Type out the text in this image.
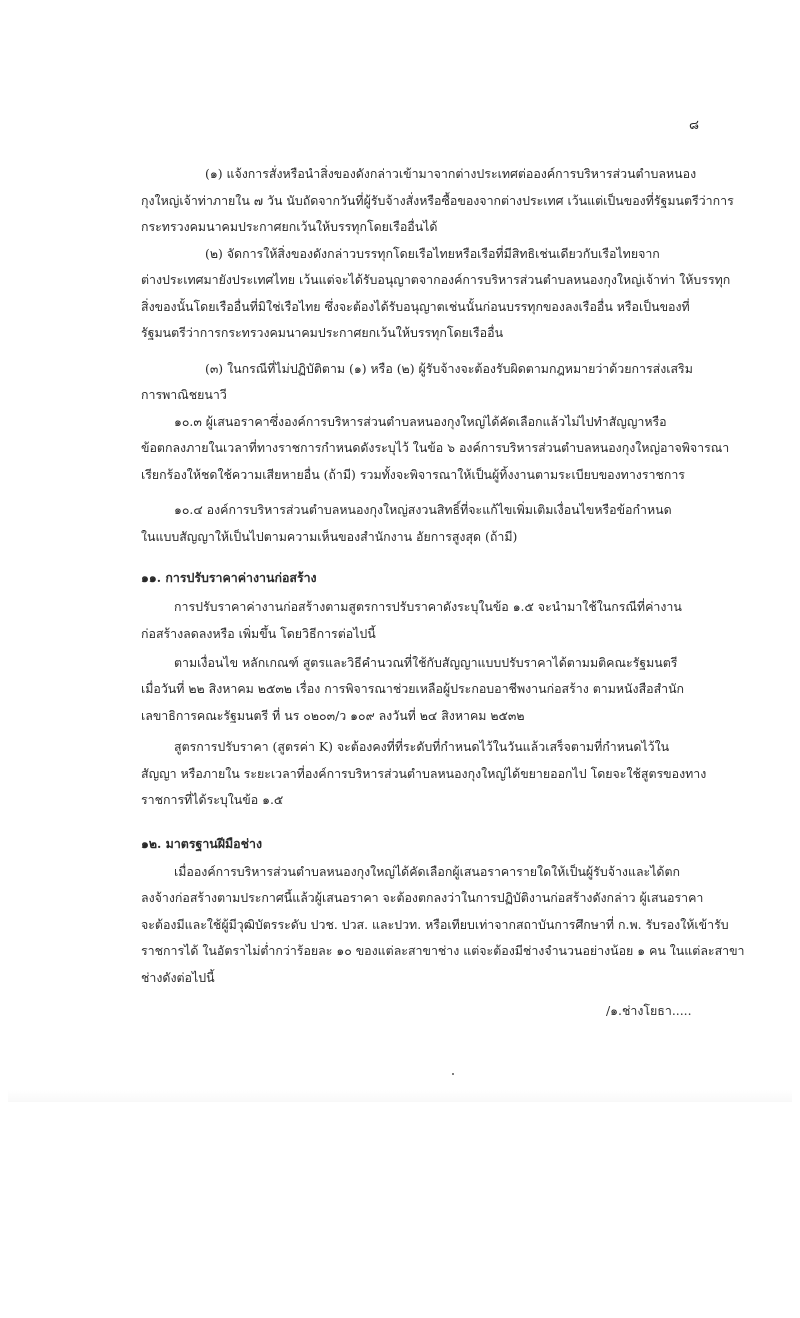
๘
(๑) แจ้งการสั่งหรือนำสิ่งของดังกล่าวเข้ามาจากต่างประเทศต่อองค์การบริหารส่วนตำบลหนอง
กุงใหญ่เจ้าท่าภายใน ๗ วัน นับถัดจากวันที่ผู้รับจ้างสั่งหรือซื้อของจากต่างประเทศ เว้นแต่เป็นของที่รัฐมนตรีว่าการ
กระทรวงคมนาคมประกาศยกเว้นให้บรรทุกโดยเรืออื่นได้
(๒) จัดการให้สิ่งของดังกล่าวบรรทุกโดยเรือไทยหรือเรือที่มีสิทธิเช่นเดียวกับเรือไทยจาก
ต่างประเทศมายังประเทศไทย เว้นแต่จะได้รับอนุญาตจากองค์การบริหารส่วนตำบลหนองกุงใหญ่เจ้าท่า ให้บรรทุก
สิ่งของนั้นโดยเรืออื่นที่มิใช่เรือไทย ซึ่งจะต้องได้รับอนุญาตเช่นนั้นก่อนบรรทุกของลงเรืออื่น หรือเป็นของที่
รัฐมนตรีว่าการกระทรวงคมนาคมประกาศยกเว้นให้บรรทุกโดยเรืออื่น
(๓) ในกรณีที่ไม่ปฏิบัติตาม (๑) หรือ (๒) ผู้รับจ้างจะต้องรับผิดตามกฎหมายว่าด้วยการส่งเสริม
การพาณิชยนาวี
๑๐.๓ ผู้เสนอราคาซึ่งองค์การบริหารส่วนตำบลหนองกุงใหญ่ได้คัดเลือกแล้วไม่ไปทำสัญญาหรือ
ข้อตกลงภายในเวลาที่ทางราชการกำหนดดังระบุไว้ ในข้อ ๖ องค์การบริหารส่วนตำบลหนองกุงใหญ่อาจพิจารณา
เรียกร้องให้ชดใช้ความเสียหายอื่น (ถ้ามี) รวมทั้งจะพิจารณาให้เป็นผู้ทิ้งงานตามระเบียบของทางราชการ
๑๐.๔ องค์การบริหารส่วนตำบลหนองกุงใหญ่สงวนสิทธิ์ที่จะแก้ไขเพิ่มเติมเงื่อนไขหรือข้อกำหนด
ในแบบสัญญาให้เป็นไปตามความเห็นของสำนักงาน อัยการสูงสุด (ถ้ามี)
๑๑. การปรับราคาค่างานก่อสร้าง
การปรับราคาค่างานก่อสร้างตามสูตรการปรับราคาดังระบุในข้อ ๑.๕ จะนำมาใช้ในกรณีที่ค่างาน
ก่อสร้างลดลงหรือ เพิ่มขึ้น โดยวิธีการต่อไปนี้
ตามเงื่อนไข หลักเกณฑ์ สูตรและวิธีคำนวณที่ใช้กับสัญญาแบบปรับราคาได้ตามมติคณะรัฐมนตรี
เมื่อวันที่ ๒๒ สิงหาคม ๒๕๓๒ เรื่อง การพิจารณาช่วยเหลือผู้ประกอบอาชีพงานก่อสร้าง ตามหนังสือสำนัก
เลขาธิการคณะรัฐมนตรี ที่ นร ๐๒๐๓/ว ๑๐๙ ลงวันที่ ๒๔ สิงหาคม ๒๕๓๒
สูตรการปรับราคา (สูตรค่า K) จะต้องคงที่ที่ระดับที่กำหนดไว้ในวันแล้วเสร็จตามที่กำหนดไว้ใน
สัญญา หรือภายใน ระยะเวลาที่องค์การบริหารส่วนตำบลหนองกุงใหญ่ได้ขยายออกไป โดยจะใช้สูตรของทาง
ราชการที่ได้ระบุในข้อ ๑.๕
๑๒. มาตรฐานฝีมือช่าง
เมื่อองค์การบริหารส่วนตำบลหนองกุงใหญ่ได้คัดเลือกผู้เสนอราคารายใดให้เป็นผู้รับจ้างและได้ตก
ลงจ้างก่อสร้างตามประกาศนี้แล้วผู้เสนอราคา จะต้องตกลงว่าในการปฏิบัติงานก่อสร้างดังกล่าว ผู้เสนอราคา
จะต้องมีและใช้ผู้มีวุฒิบัตรระดับ ปวช. ปวส. และปวท. หรือเทียบเท่าจากสถาบันการศึกษาที่ ก.พ. รับรองให้เข้ารับ
ราชการได้ ในอัตราไม่ต่ำกว่าร้อยละ ๑๐ ของแต่ละสาขาช่าง แต่จะต้องมีช่างจำนวนอย่างน้อย ๑ คน ในแต่ละสาขา
ช่างดังต่อไปนี้
/๑.ช่างโยธา.....
